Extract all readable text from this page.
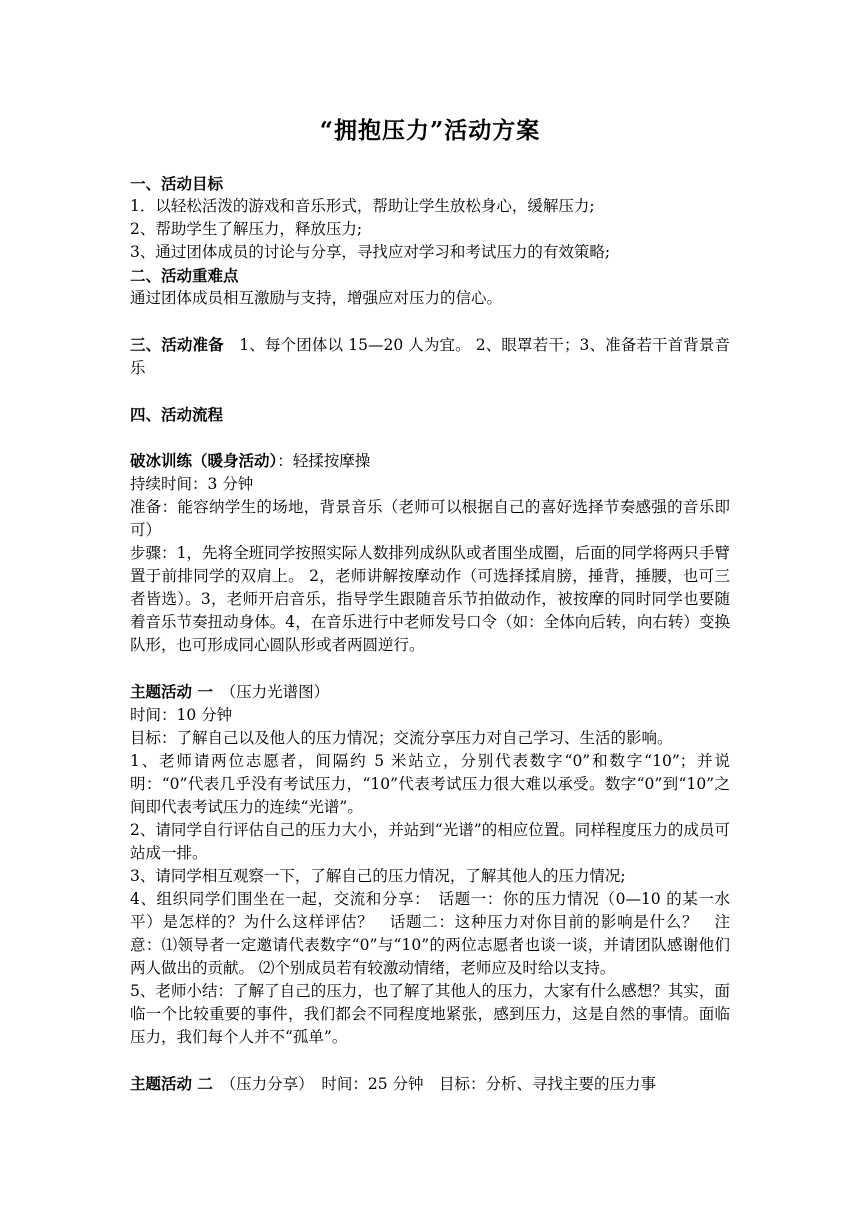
“拥抱压力”活动方案

一、活动目标

1．以轻松活泼的游戏和音乐形式，帮助让学生放松身心，缓解压力;

2、帮助学生了解压力，释放压力;

3、通过团体成员的讨论与分享，寻找应对学习和考试压力的有效策略;

二、活动重难点

通过团体成员相互激励与支持，增强应对压力的信心。

三、活动准备　1、每个团体以 15—20 人为宜。 2、眼罩若干；3、准备若干首背景音乐

四、活动流程

破冰训练（暖身活动）：轻揉按摩操

持续时间：3 分钟

准备：能容纳学生的场地，背景音乐（老师可以根据自己的喜好选择节奏感强的音乐即可）

步骤：1，先将全班同学按照实际人数排列成纵队或者围坐成圈，后面的同学将两只手臂置于前排同学的双肩上。 2，老师讲解按摩动作（可选择揉肩膀，捶背，捶腰，也可三者皆选）。3，老师开启音乐，指导学生跟随音乐节拍做动作，被按摩的同时同学也要随着音乐节奏扭动身体。4，在音乐进行中老师发号口令（如：全体向后转，向右转）变换队形，也可形成同心圆队形或者两圆逆行。

主题活动 一　（压力光谱图）

时间：10 分钟

目标：了解自己以及他人的压力情况；交流分享压力对自己学习、生活的影响。

1、老师请两位志愿者，间隔约 5 米站立，分别代表数字“0”和数字“10”；并说明：“0”代表几乎没有考试压力，“10”代表考试压力很大难以承受。数字“0”到“10”之间即代表考试压力的连续“光谱”。

2、请同学自行评估自己的压力大小，并站到“光谱”的相应位置。同样程度压力的成员可站成一排。

3、请同学相互观察一下，了解自己的压力情况，了解其他人的压力情况;

4、组织同学们围坐在一起，交流和分享：　话题一：你的压力情况（0—10 的某一水平）是怎样的？为什么这样评估？　话题二：这种压力对你目前的影响是什么？　注意：⑴领导者一定邀请代表数字“0”与“10”的两位志愿者也谈一谈，并请团队感谢他们两人做出的贡献。 ⑵个别成员若有较激动情绪，老师应及时给以支持。

5、老师小结：了解了自己的压力，也了解了其他人的压力，大家有什么感想？其实，面临一个比较重要的事件，我们都会不同程度地紧张，感到压力，这是自然的事情。面临压力，我们每个人并不“孤单”。

主题活动 二　（压力分享）　时间：25 分钟　目标：分析、寻找主要的压力事
